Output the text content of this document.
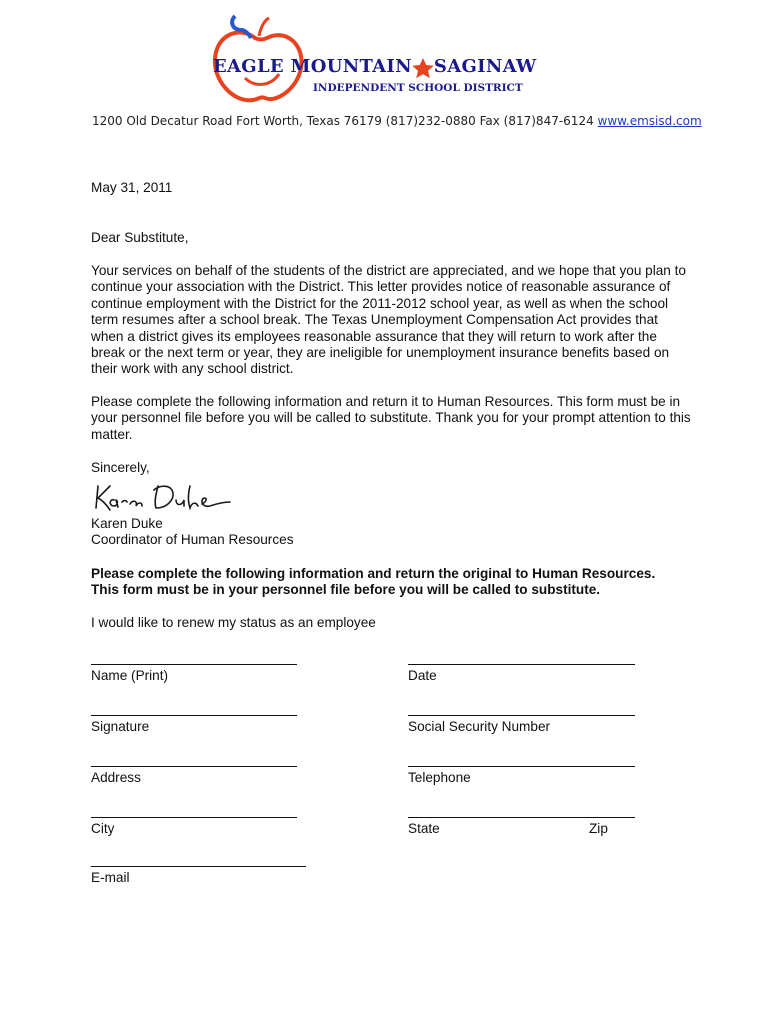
EAGLE MOUNTAIN SAGINAW
INDEPENDENT SCHOOL DISTRICT
1200 Old Decatur Road Fort Worth, Texas 76179 (817)232-0880 Fax (817)847-6124 www.emsisd.com
May 31, 2011
Dear Substitute,
Your services on behalf of the students of the district are appreciated, and we hope that you plan to continue your association with the District. This letter provides notice of reasonable assurance of continue employment with the District for the 2011-2012 school year, as well as when the school term resumes after a school break. The Texas Unemployment Compensation Act provides that when a district gives its employees reasonable assurance that they will return to work after the break or the next term or year, they are ineligible for unemployment insurance benefits based on their work with any school district.
Please complete the following information and return it to Human Resources. This form must be in your personnel file before you will be called to substitute. Thank you for your prompt attention to this matter.
Sincerely,
Karen Duke
Coordinator of Human Resources
Please complete the following information and return the original to Human Resources.
This form must be in your personnel file before you will be called to substitute.
I would like to renew my status as an employee
Name (Print)	Date
Signature	Social Security Number
Address	Telephone
City	State	Zip
E-mail
